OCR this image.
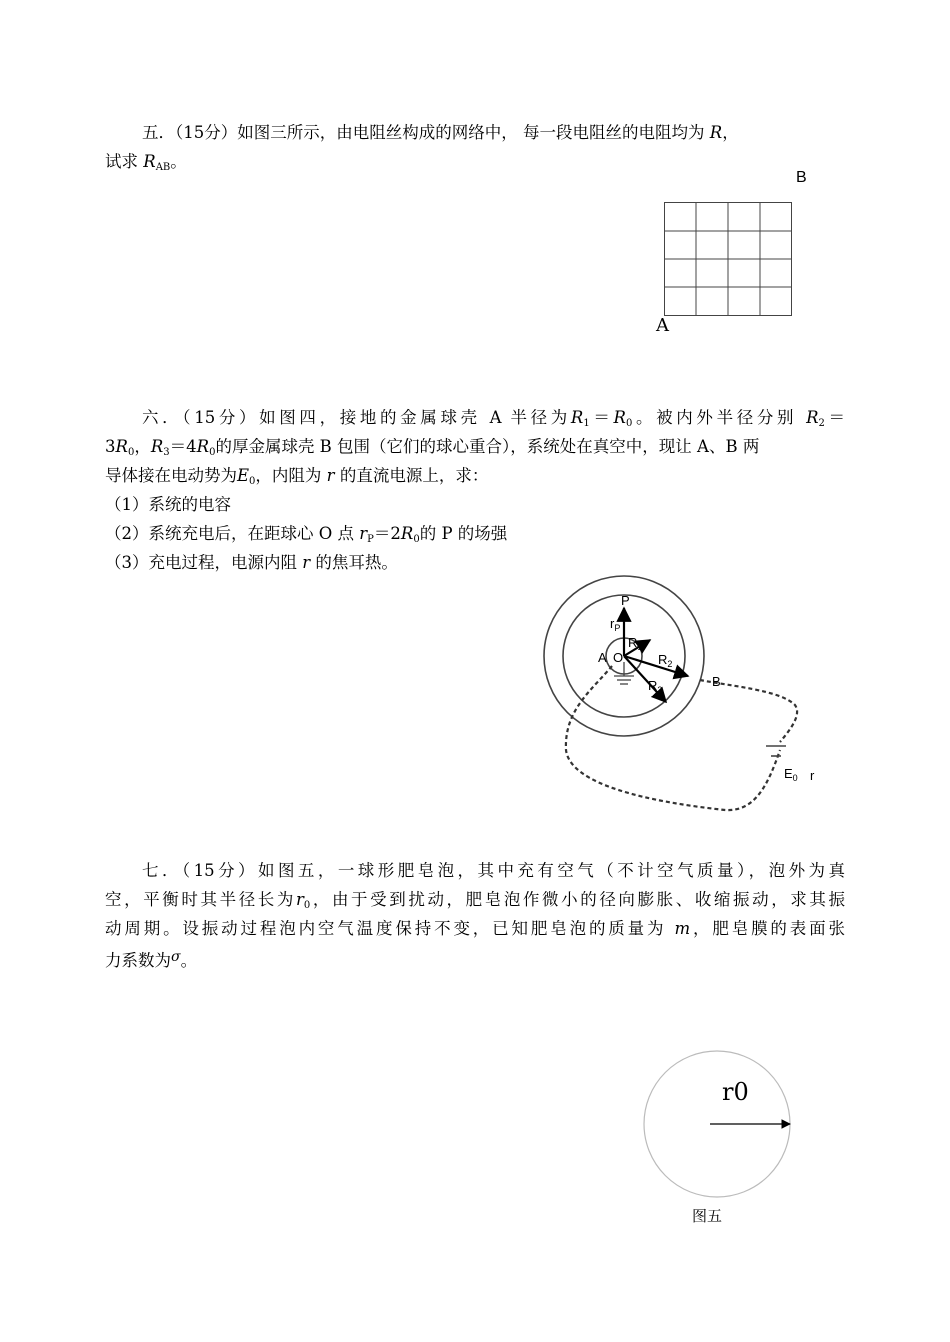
五．（15分）如图三所示，由电阻丝构成的网络中， 每一段电阻丝的电阻均为 R，
试求 $R_{AB}$。
B
A
六．（15分）如图四，接地的金属球壳 A 半径为$R_1=R_0$。被内外半径分别 $R_2=$
$3R_0$，$R_3=4R_0$的厚金属球壳 B 包围（它们的球心重合），系统处在真空中，现让 A、B 两
导体接在电动势为$E_0$，内阻为 r 的直流电源上，求：
（1）系统的电容
（2）系统充电后，在距球心 O 点 $r_P=2R_0$的 P 的场强
（3）充电过程，电源内阻 r 的焦耳热。
P
$r_P$
$R_1$
A O	$R_2$
$R_3$
B
$E_0$ r
七．（15分）如图五，一球形肥皂泡，其中充有空气（不计空气质量），泡外为真
空，平衡时其半径长为$r_0$，由于受到扰动，肥皂泡作微小的径向膨胀、收缩振动，求其振
动周期。设振动过程泡内空气温度保持不变，已知肥皂泡的质量为 m，肥皂膜的表面张
力系数为$^\sigma$。
r0
图五
